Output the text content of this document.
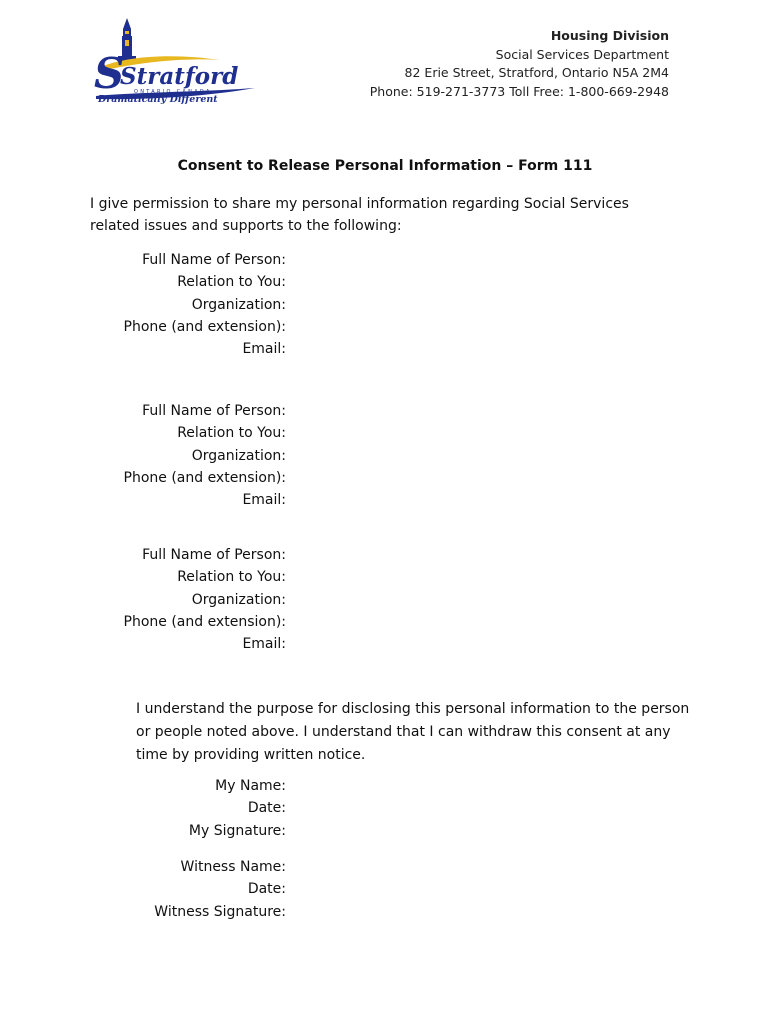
S
Stratford
ONTARIO CANADA
Dramatically Different
Housing Division
Social Services Department
82 Erie Street, Stratford, Ontario N5A 2M4
Phone: 519-271-3773 Toll Free: 1-800-669-2948
Consent to Release Personal Information – Form 111
I give permission to share my personal information regarding Social Services related issues and supports to the following:
Full Name of Person:
Relation to You:
Organization:
Phone (and extension):
Email:
Full Name of Person:
Relation to You:
Organization:
Phone (and extension):
Email:
Full Name of Person:
Relation to You:
Organization:
Phone (and extension):
Email:
I understand the purpose for disclosing this personal information to the person or people noted above. I understand that I can withdraw this consent at any time by providing written notice.
My Name:
Date:
My Signature:
Witness Name:
Date:
Witness Signature:
